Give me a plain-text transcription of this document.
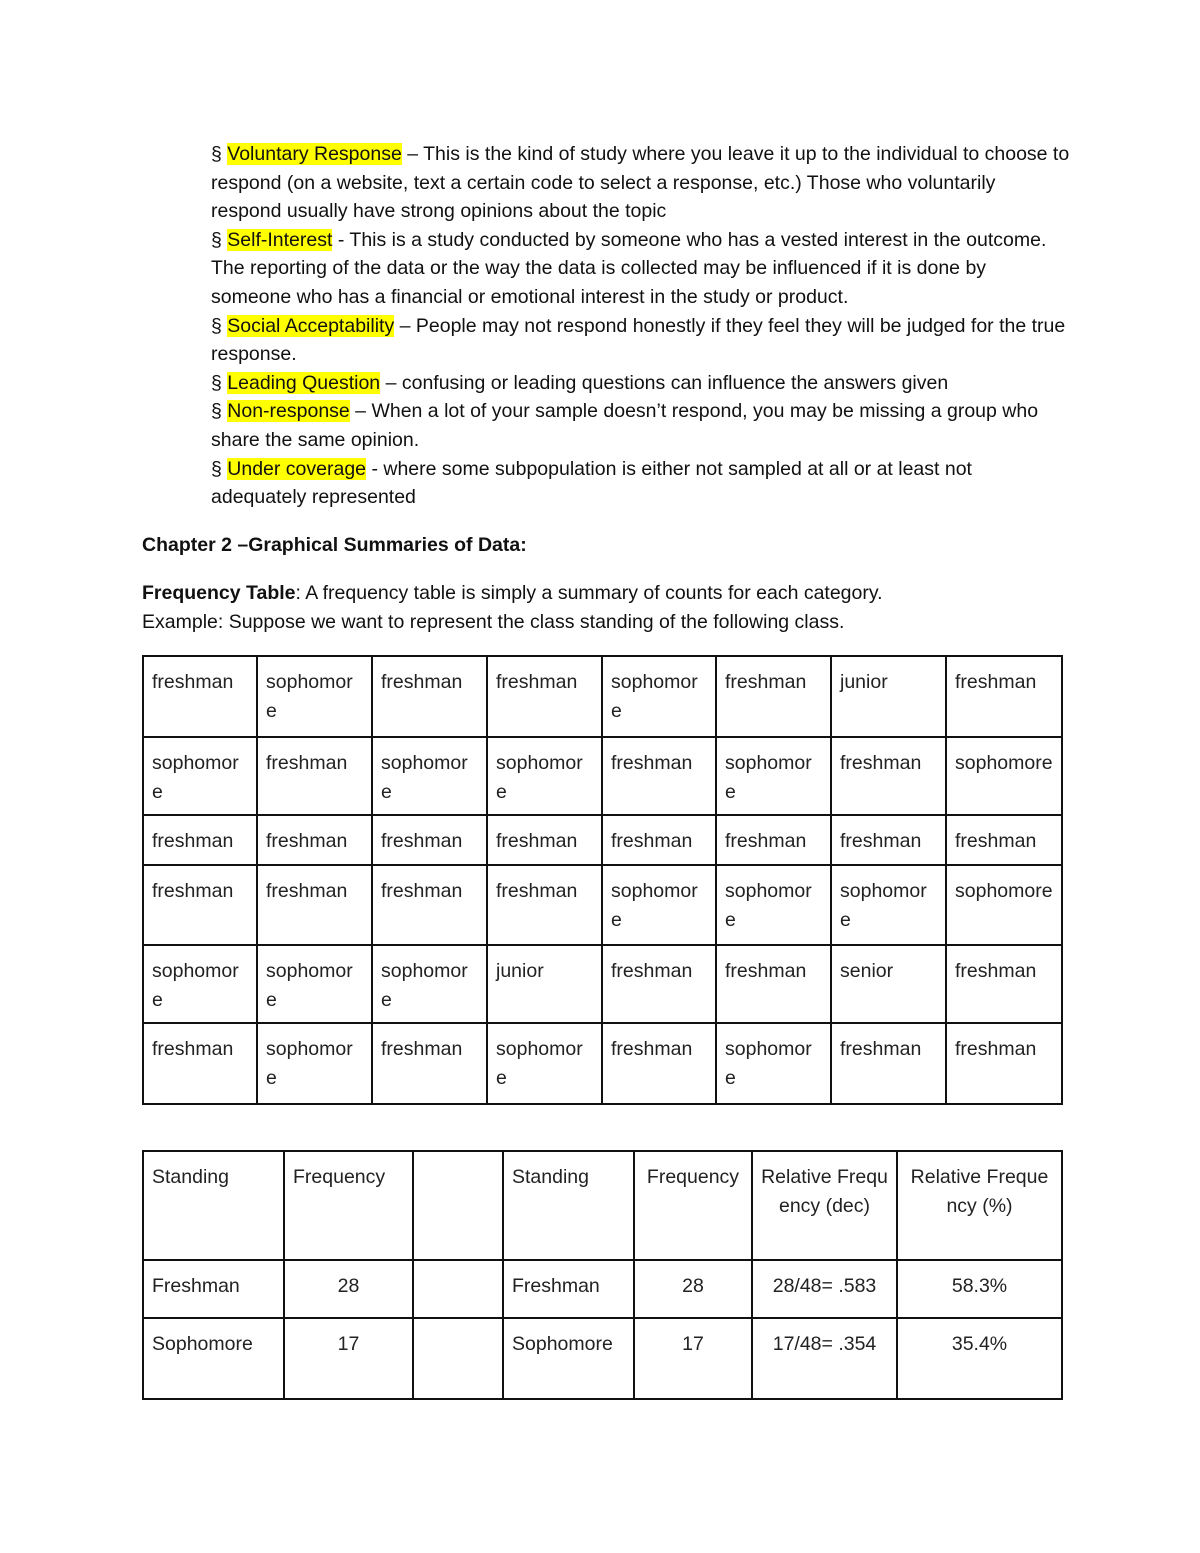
§ Voluntary Response – This is the kind of study where you leave it up to the individual to choose to respond (on a website, text a certain code to select a response, etc.) Those who voluntarily respond usually have strong opinions about the topic

§ Self-Interest - This is a study conducted by someone who has a vested interest in the outcome. The reporting of the data or the way the data is collected may be influenced if it is done by someone who has a financial or emotional interest in the study or product.

§ Social Acceptability – People may not respond honestly if they feel they will be judged for the true response.

§ Leading Question – confusing or leading questions can influence the answers given

§ Non-response – When a lot of your sample doesn’t respond, you may be missing a group who share the same opinion.

§ Under coverage - where some subpopulation is either not sampled at all or at least not adequately represented

Chapter 2 –Graphical Summaries of Data:

Frequency Table: A frequency table is simply a summary of counts for each category.

Example: Suppose we want to represent the class standing of the following class.

freshman	sophomore	freshman	freshman	sophomore	freshman	junior	freshman
sophomore	freshman	sophomore	sophomore	freshman	sophomore	freshman	sophomore
freshman	freshman	freshman	freshman	freshman	freshman	freshman	freshman
freshman	freshman	freshman	freshman	sophomore	sophomore	sophomore	sophomore
sophomore	sophomore	sophomore	junior	freshman	freshman	senior	freshman
freshman	sophomore	freshman	sophomore	freshman	sophomore	freshman	freshman
Standing	Frequency		Standing	Frequency	Relative Frequency (dec)	Relative Frequency (%)
Freshman	28		Freshman	28	28/48= .583	58.3%
Sophomore	17		Sophomore	17	17/48= .354	35.4%
